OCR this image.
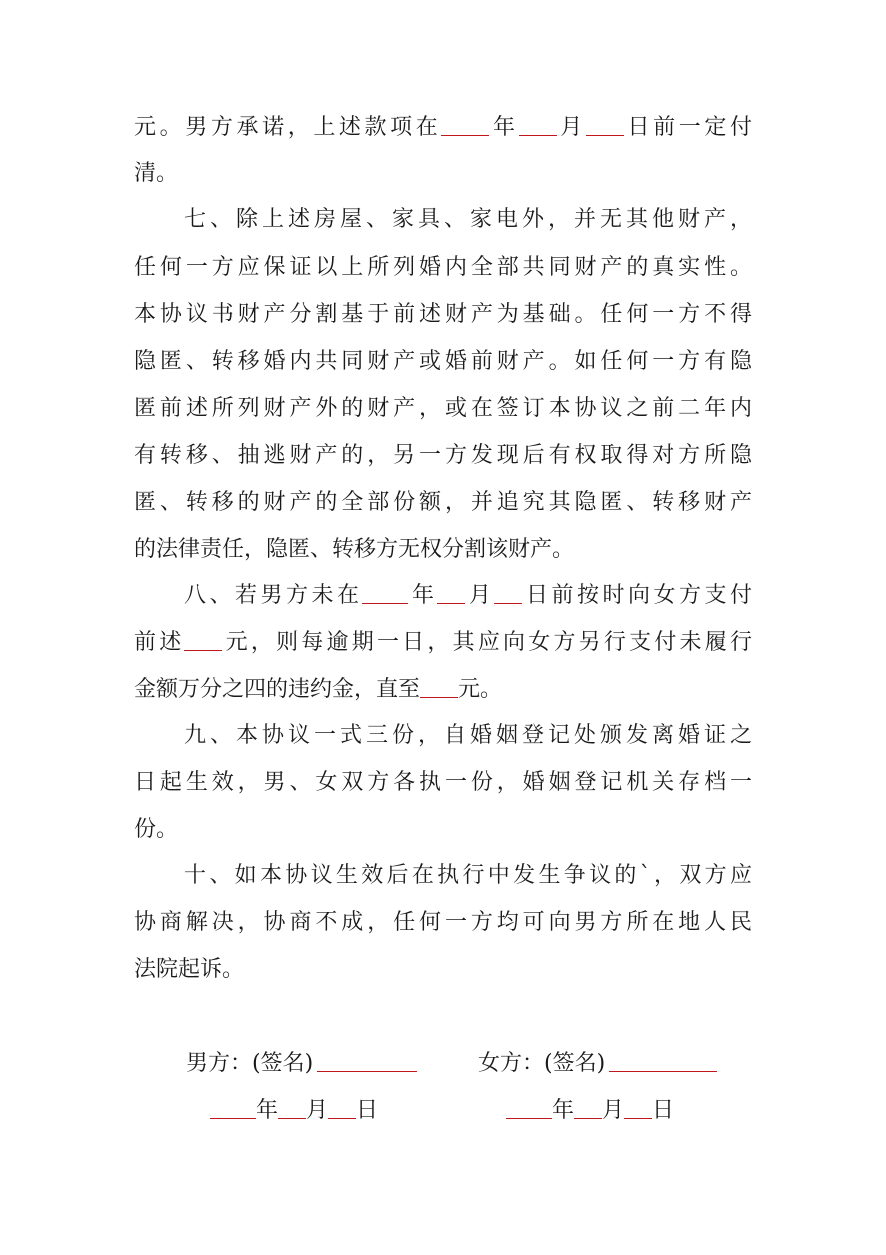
元。男方承诺，上述款项在 年 月 日前一定付
清。
七、除上述房屋、家具、家电外，并无其他财产，
任何一方应保证以上所列婚内全部共同财产的真实性。
本协议书财产分割基于前述财产为基础。任何一方不得
隐匿、转移婚内共同财产或婚前财产。如任何一方有隐
匿前述所列财产外的财产，或在签订本协议之前二年内
有转移、抽逃财产的，另一方发现后有权取得对方所隐
匿、转移的财产的全部份额，并追究其隐匿、转移财产
的法律责任，隐匿、转移方无权分割该财产。
八、若男方未在 年 月 日前按时向女方支付
前述 元，则每逾期一日，其应向女方另行支付未履行
金额万分之四的违约金，直至 元。
九、本协议一式三份，自婚姻登记处颁发离婚证之
日起生效，男、女双方各执一份，婚姻登记机关存档一
份。
十、如本协议生效后在执行中发生争议的`，双方应
协商解决，协商不成，任何一方均可向男方所在地人民
法院起诉。
男方：(签名)	女方：(签名)
年 月 日	年 月 日
